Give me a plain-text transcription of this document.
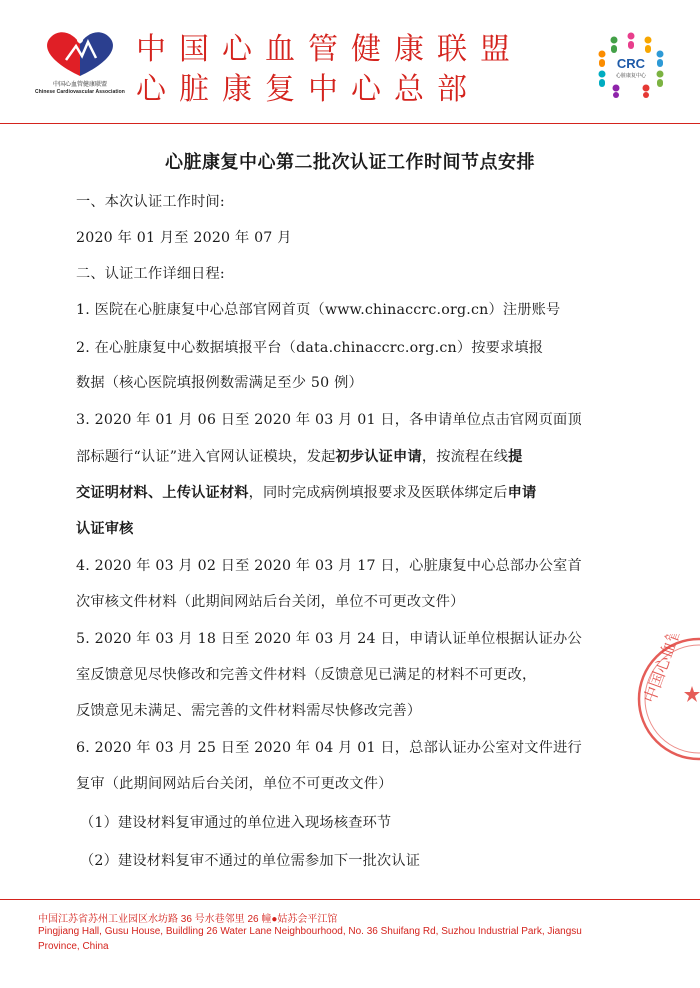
中国心血管健康联盟
Chinese Cardiovascular Association
中国心血管健康联盟
心脏康复中心总部
CRC
心脏康复中心
心脏康复中心第二批次认证工作时间节点安排
一、本次认证工作时间:
2020 年 01 月至 2020 年 07 月
二、认证工作详细日程:
1. 医院在心脏康复中心总部官网首页（www.chinaccrc.org.cn）注册账号
2. 在心脏康复中心数据填报平台（data.chinaccrc.org.cn）按要求填报
数据（核心医院填报例数需满足至少 50 例）
3. 2020 年 01 月 06 日至 2020 年 03 月 01 日，各申请单位点击官网页面顶
部标题行“认证”进入官网认证模块，发起初步认证申请，按流程在线提
交证明材料、上传认证材料，同时完成病例填报要求及医联体绑定后申请
认证审核
4. 2020 年 03 月 02 日至 2020 年 03 月 17 日，心脏康复中心总部办公室首
次审核文件材料（此期间网站后台关闭，单位不可更改文件）
5. 2020 年 03 月 18 日至 2020 年 03 月 24 日，申请认证单位根据认证办公
室反馈意见尽快修改和完善文件材料（反馈意见已满足的材料不可更改，
反馈意见未满足、需完善的文件材料需尽快修改完善）
6. 2020 年 03 月 25 日至 2020 年 04 月 01 日，总部认证办公室对文件进行
复审（此期间网站后台关闭，单位不可更改文件）
（1）建设材料复审通过的单位进入现场核查环节
（2）建设材料复审不通过的单位需参加下一批次认证
中国心血管
中国江苏省苏州工业园区水坊路 36 号水巷邻里 26 幢●姑苏会平江馆
Pingjiang Hall, Gusu House, Buildling 26 Water Lane Neighbourhood, No. 36 Shuifang Rd, Suzhou Industrial Park, Jiangsu
Province, China
